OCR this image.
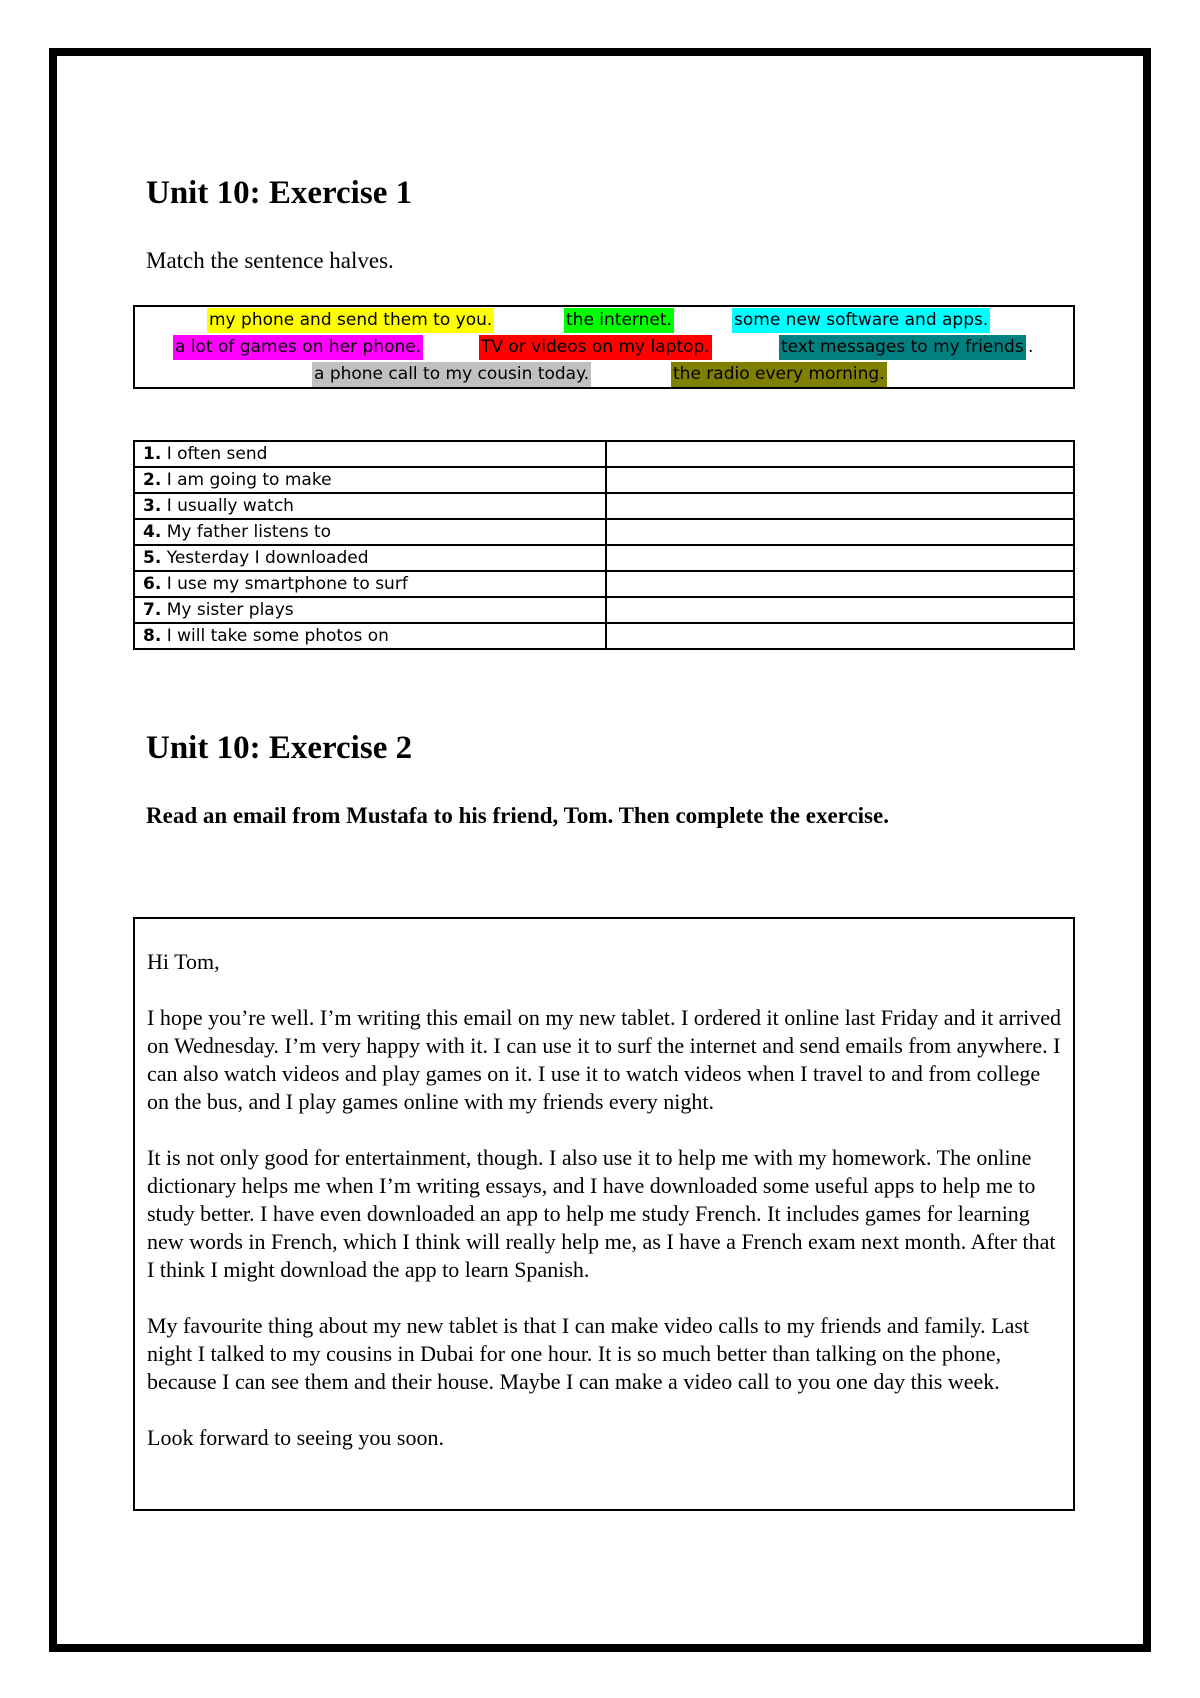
Unit 10: Exercise 1

Match the sentence halves.

my phone and send them to you.	the internet.	some new software and apps.
a lot of games on her phone.	TV or videos on my laptop.	text messages to my friends .
a phone call to my cousin today.	the radio every morning.
1. I often send	
2. I am going to make	
3. I usually watch	
4. My father listens to	
5. Yesterday I downloaded	
6. I use my smartphone to surf	
7. My sister plays	
8. I will take some photos on	
Unit 10: Exercise 2

Read an email from Mustafa to his friend, Tom. Then complete the exercise.

Hi Tom,

I hope you’re well. I’m writing this email on my new tablet. I ordered it online last Friday and it arrived on Wednesday. I’m very happy with it. I can use it to surf the internet and send emails from anywhere. I can also watch videos and play games on it. I use it to watch videos when I travel to and from college on the bus, and I play games online with my friends every night.

It is not only good for entertainment, though. I also use it to help me with my homework. The online dictionary helps me when I’m writing essays, and I have downloaded some useful apps to help me to study better. I have even downloaded an app to help me study French. It includes games for learning new words in French, which I think will really help me, as I have a French exam next month. After that I think I might download the app to learn Spanish.

My favourite thing about my new tablet is that I can make video calls to my friends and family. Last night I talked to my cousins in Dubai for one hour. It is so much better than talking on the phone, because I can see them and their house. Maybe I can make a video call to you one day this week.

Look forward to seeing you soon.
